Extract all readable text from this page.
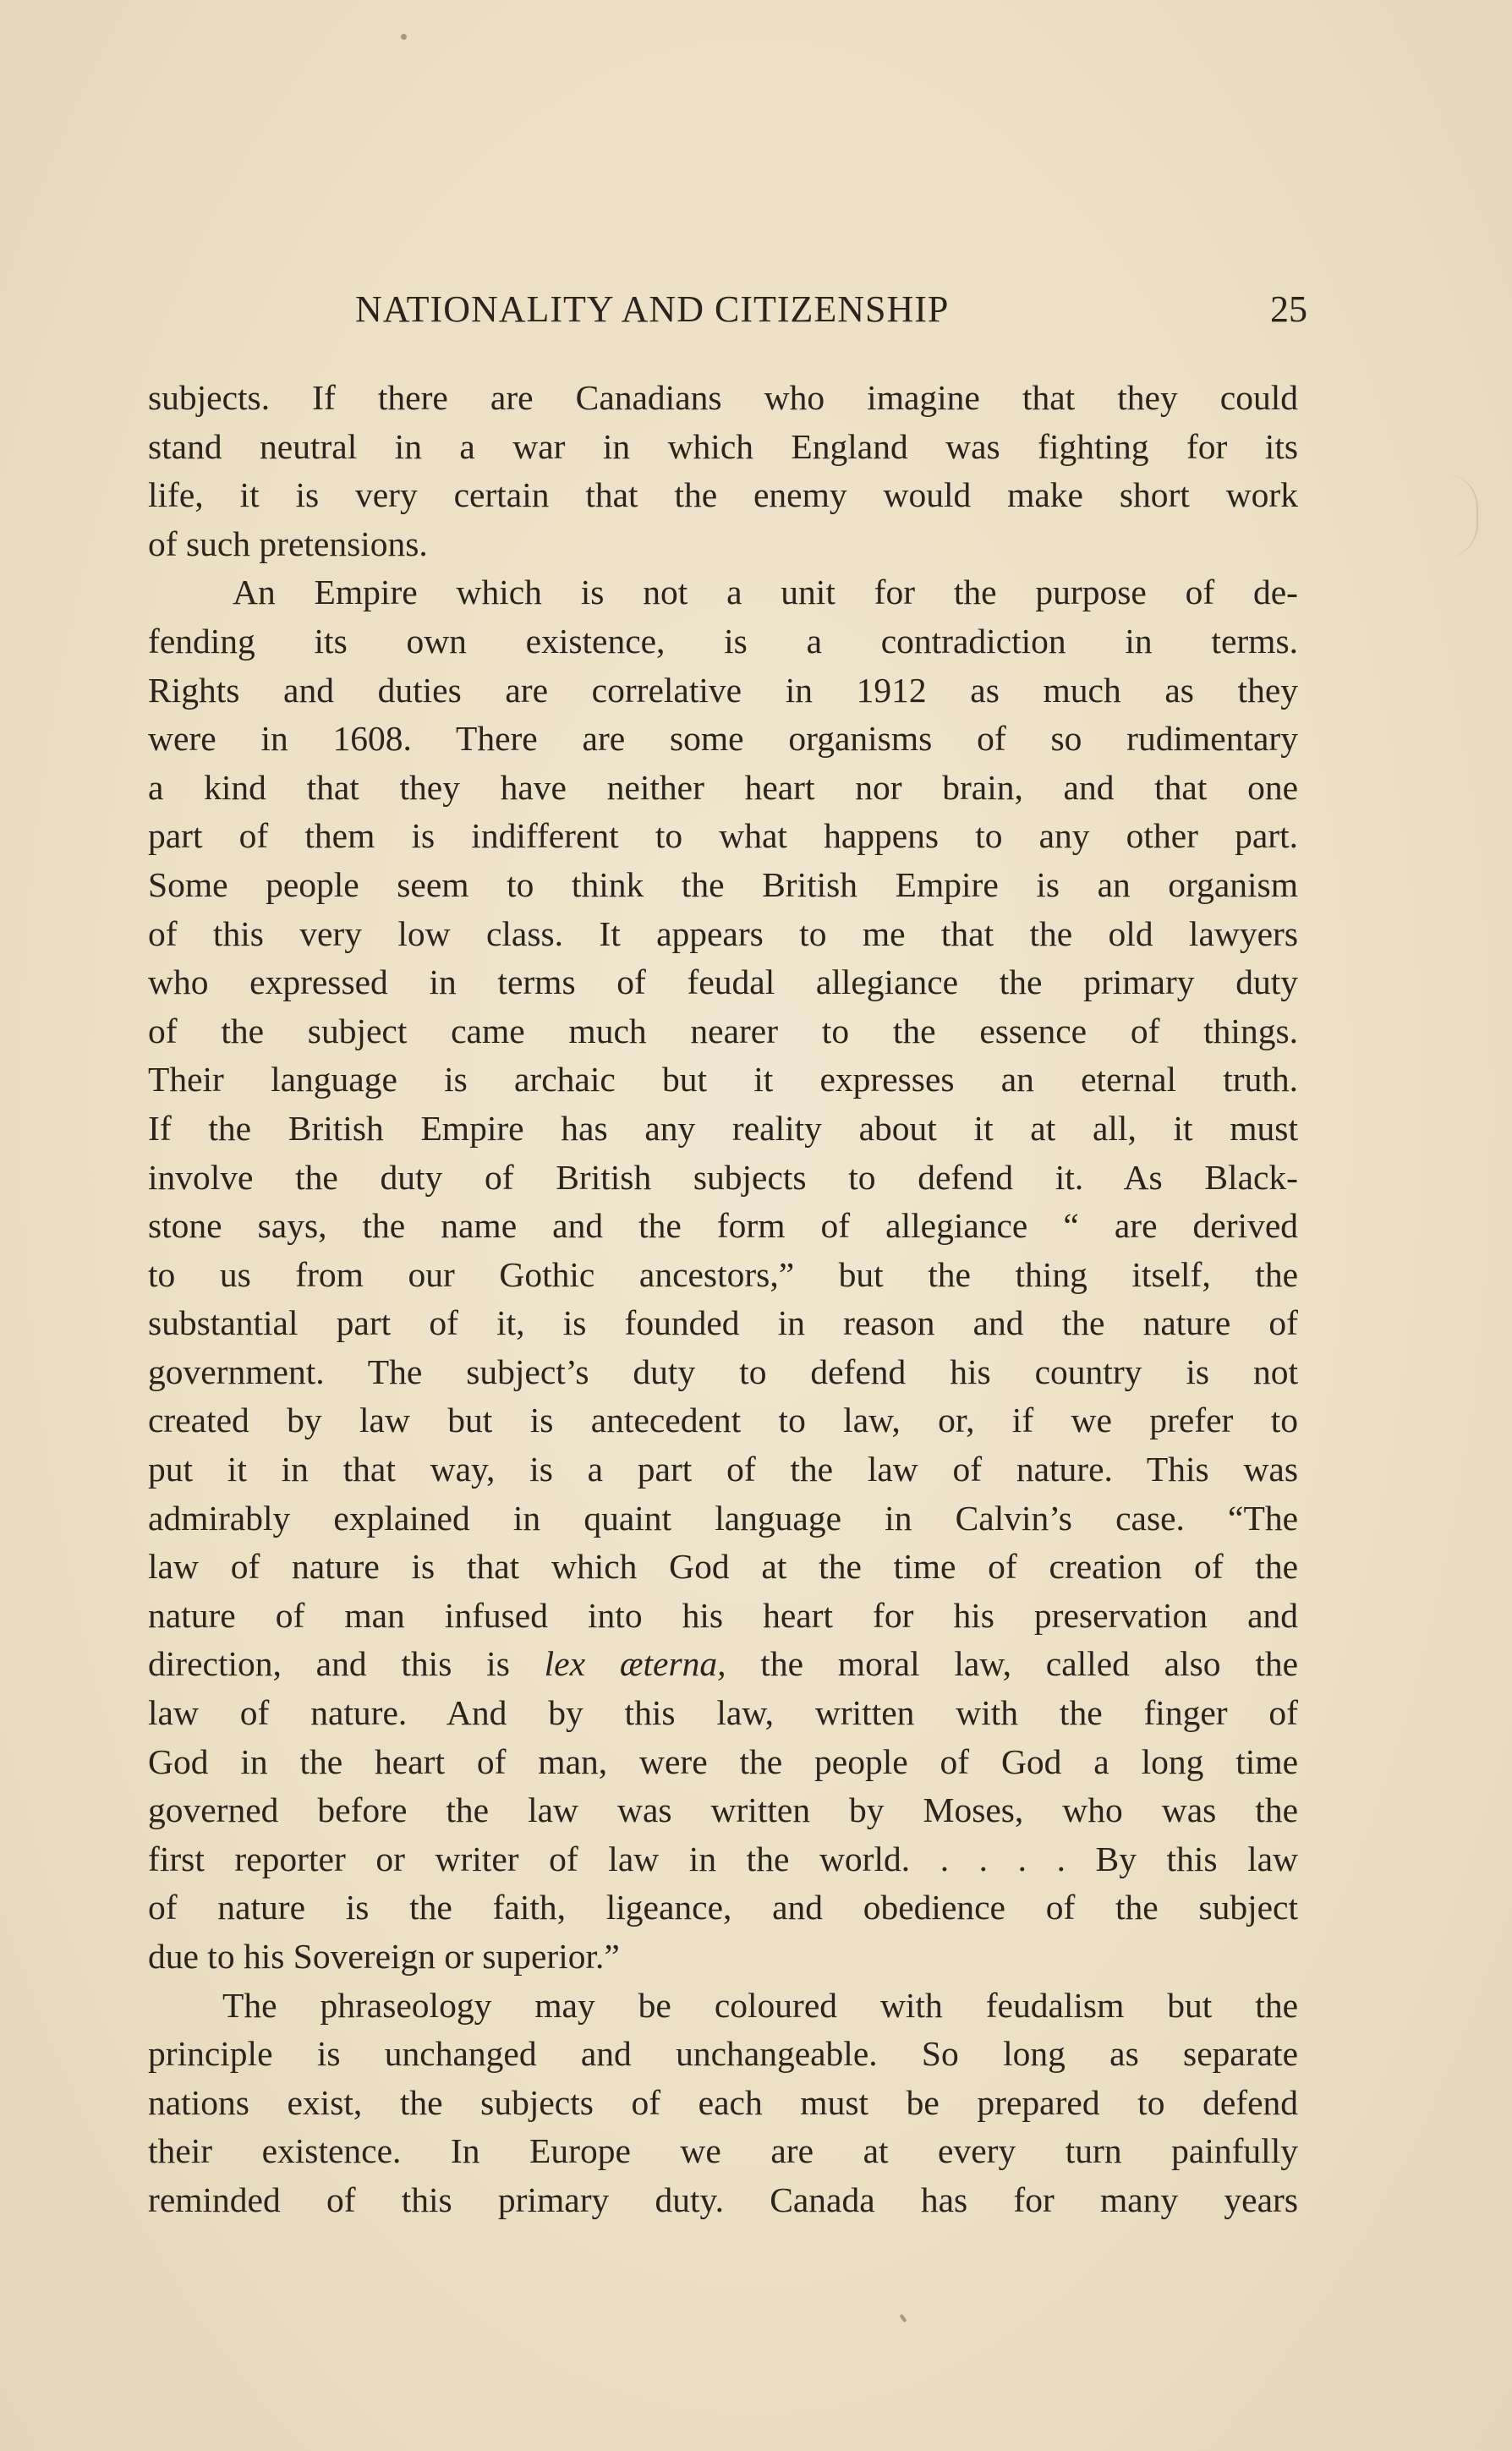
NATIONALITY AND CITIZENSHIP	25
subjects. If there are Canadians who imagine that they could
stand neutral in a war in which England was fighting for its
life, it is very certain that the enemy would make short work
of such pretensions.
An Empire which is not a unit for the purpose of de-
fending its own existence, is a contradiction in terms.
Rights and duties are correlative in 1912 as much as they
were in 1608. There are some organisms of so rudimentary
a kind that they have neither heart nor brain, and that one
part of them is indifferent to what happens to any other part.
Some people seem to think the British Empire is an organism
of this very low class. It appears to me that the old lawyers
who expressed in terms of feudal allegiance the primary duty
of the subject came much nearer to the essence of things.
Their language is archaic but it expresses an eternal truth.
If the British Empire has any reality about it at all, it must
involve the duty of British subjects to defend it. As Black-
stone says, the name and the form of allegiance “ are derived
to us from our Gothic ancestors,” but the thing itself, the
substantial part of it, is founded in reason and the nature of
government. The subject’s duty to defend his country is not
created by law but is antecedent to law, or, if we prefer to
put it in that way, is a part of the law of nature. This was
admirably explained in quaint language in Calvin’s case. “The
law of nature is that which God at the time of creation of the
nature of man infused into his heart for his preservation and
direction, and this is lex æterna, the moral law, called also the
law of nature. And by this law, written with the finger of
God in the heart of man, were the people of God a long time
governed before the law was written by Moses, who was the
first reporter or writer of law in the world. . . . . By this law
of nature is the faith, ligeance, and obedience of the subject
due to his Sovereign or superior.”
The phraseology may be coloured with feudalism but the
principle is unchanged and unchangeable. So long as separate
nations exist, the subjects of each must be prepared to defend
their existence. In Europe we are at every turn painfully
reminded of this primary duty. Canada has for many years
